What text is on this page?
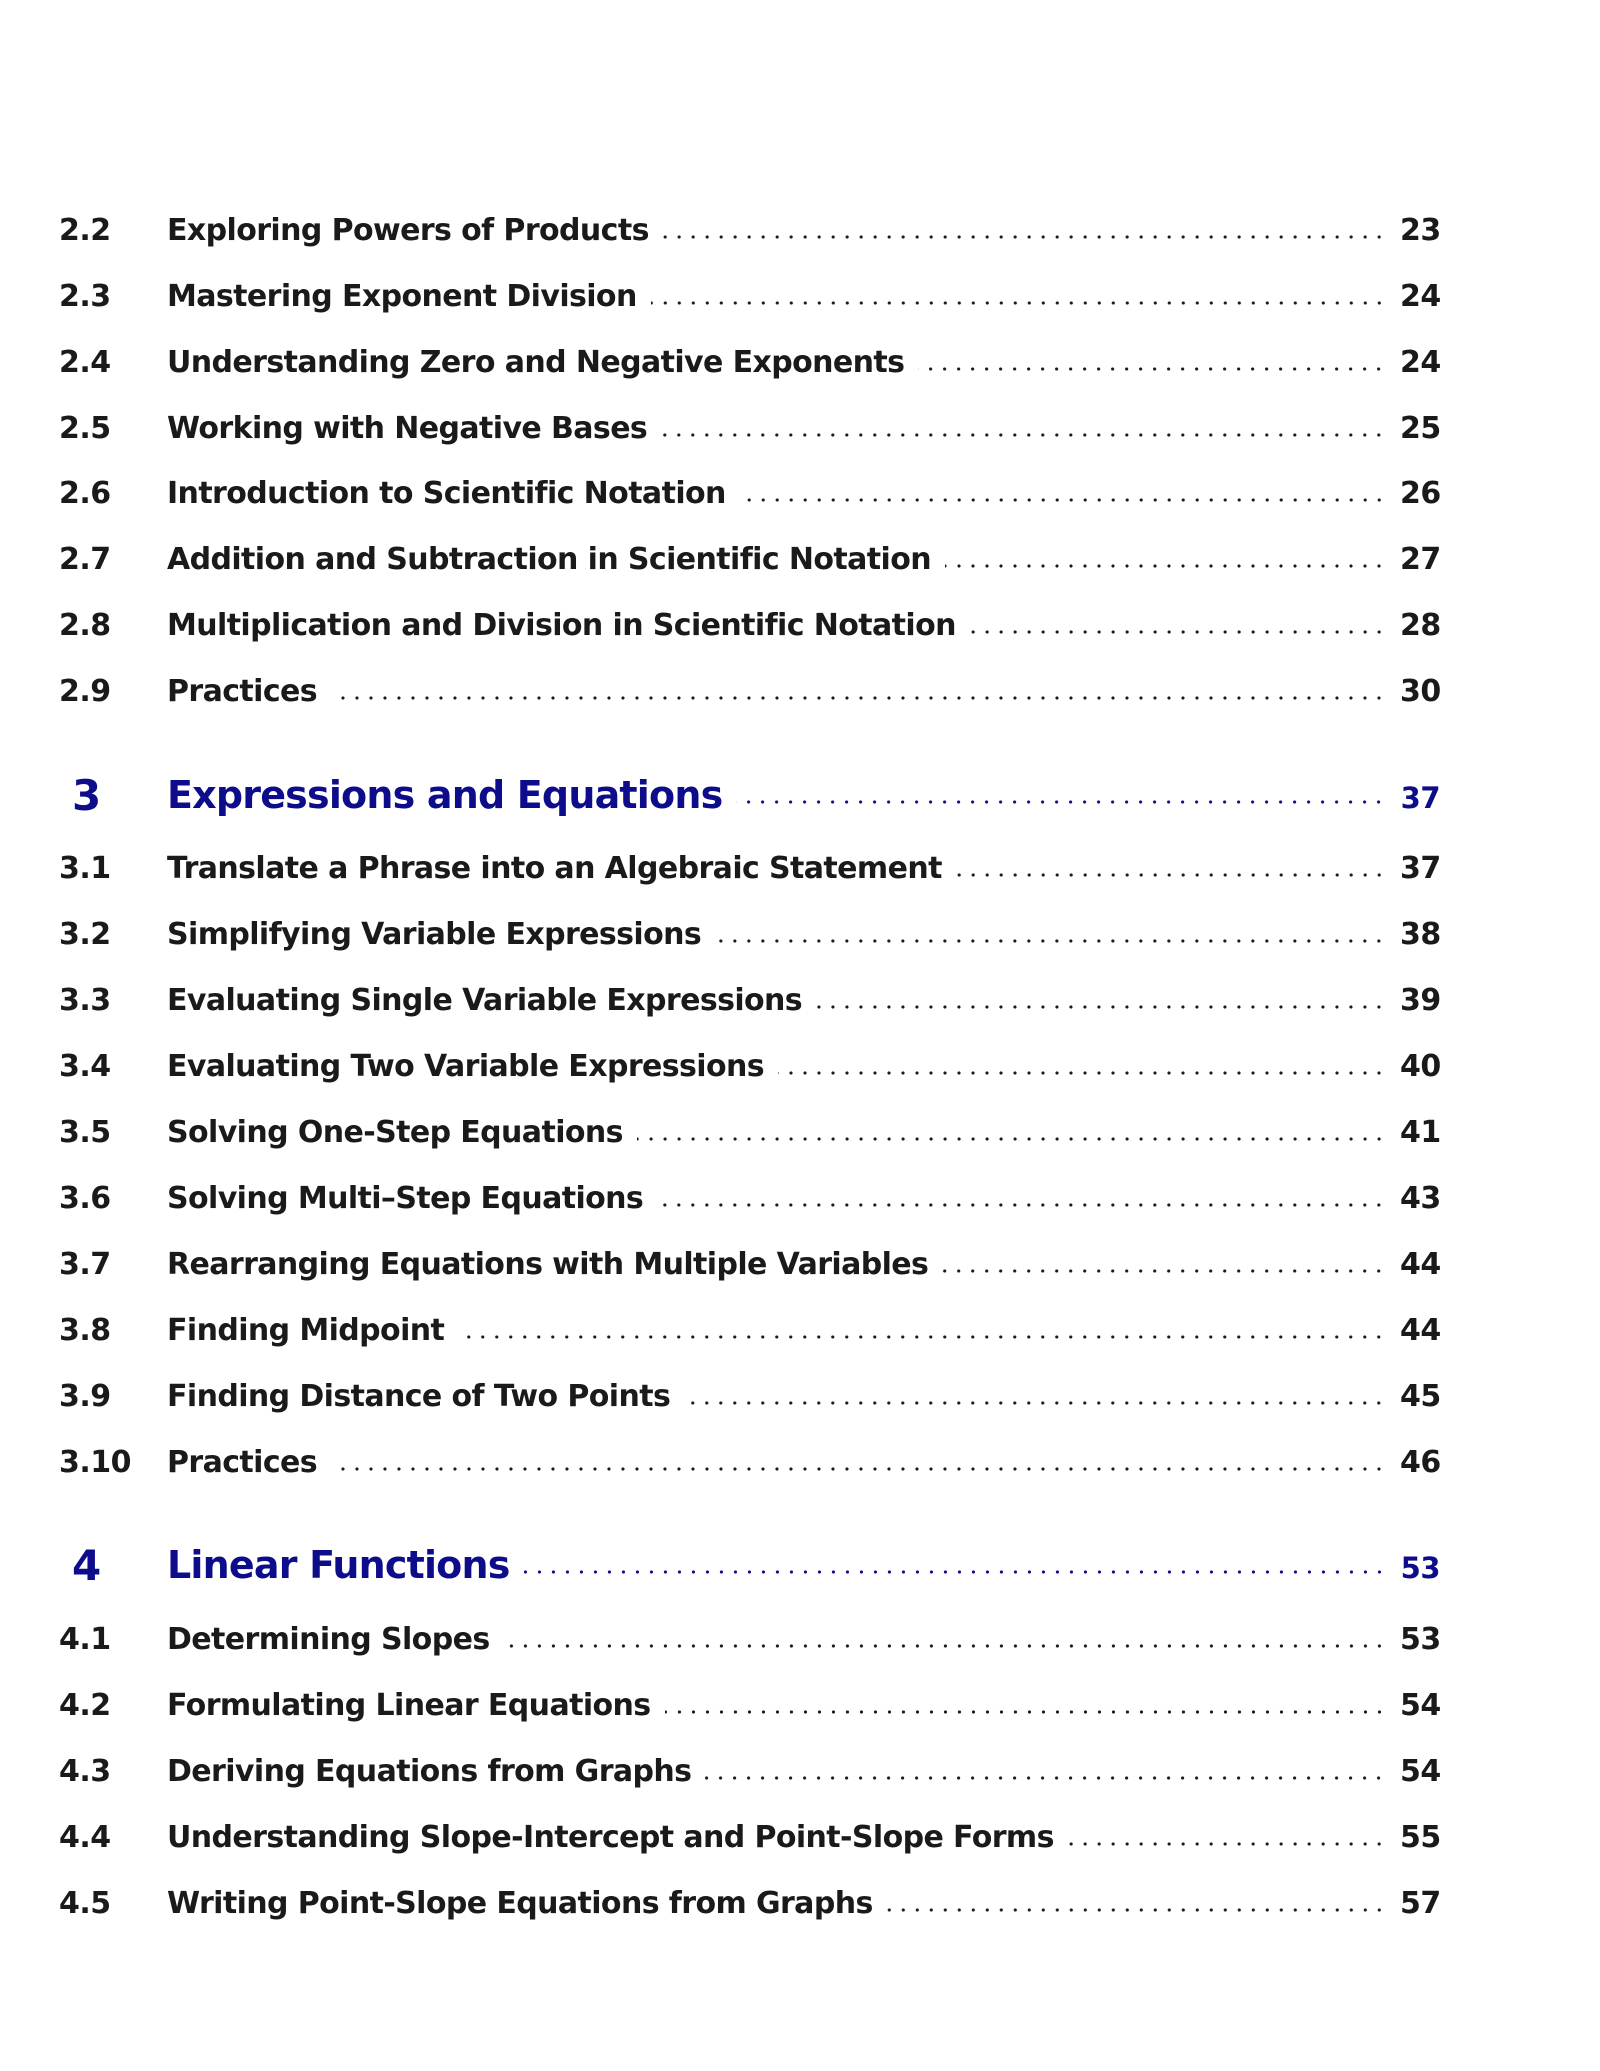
2.2	Exploring Powers of Products	23
2.3	Mastering Exponent Division	24
2.4	Understanding Zero and Negative Exponents	24
2.5	Working with Negative Bases	25
2.6	Introduction to Scientific Notation	26
2.7	Addition and Subtraction in Scientific Notation	27
2.8	Multiplication and Division in Scientific Notation	28
2.9	Practices	30
3	Expressions and Equations	37
3.1	Translate a Phrase into an Algebraic Statement	37
3.2	Simplifying Variable Expressions	38
3.3	Evaluating Single Variable Expressions	39
3.4	Evaluating Two Variable Expressions	40
3.5	Solving One-Step Equations	41
3.6	Solving Multi–Step Equations	43
3.7	Rearranging Equations with Multiple Variables	44
3.8	Finding Midpoint	44
3.9	Finding Distance of Two Points	45
3.10	Practices	46
4	Linear Functions	53
4.1	Determining Slopes	53
4.2	Formulating Linear Equations	54
4.3	Deriving Equations from Graphs	54
4.4	Understanding Slope-Intercept and Point-Slope Forms	55
4.5	Writing Point-Slope Equations from Graphs	57
